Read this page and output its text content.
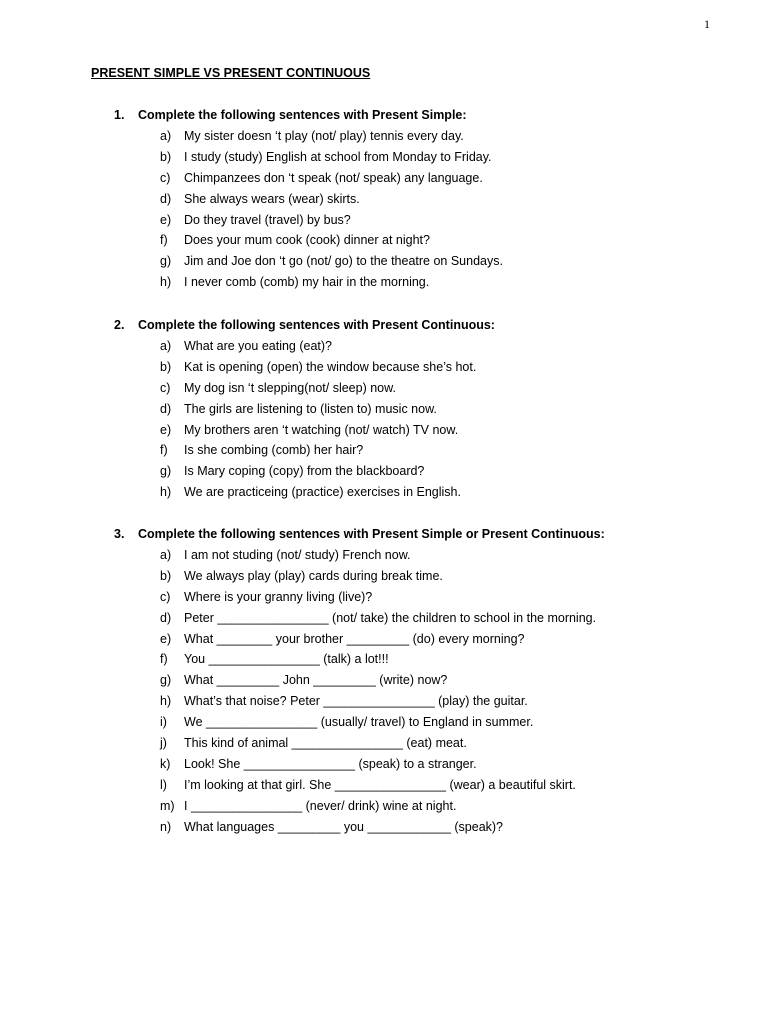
1
PRESENT SIMPLE VS PRESENT CONTINUOUS
1. Complete the following sentences with Present Simple:
a) My sister doesn ‘t play (not/ play) tennis every day.
b) I study (study) English at school from Monday to Friday.
c) Chimpanzees don ‘t speak (not/ speak) any language.
d) She always wears (wear) skirts.
e) Do they travel (travel) by bus?
f) Does your mum cook (cook) dinner at night?
g) Jim and Joe don ‘t go (not/ go) to the theatre on Sundays.
h) I never comb (comb) my hair in the morning.
2. Complete the following sentences with Present Continuous:
a) What are you eating (eat)?
b) Kat is opening (open) the window because she’s hot.
c) My dog isn ‘t slepping(not/ sleep) now.
d) The girls are listening to (listen to) music now.
e) My brothers aren ‘t watching (not/ watch) TV now.
f) Is she combing (comb) her hair?
g) Is Mary coping (copy) from the blackboard?
h) We are practiceing (practice) exercises in English.
3. Complete the following sentences with Present Simple or Present Continuous:
a) I am not studing (not/ study) French now.
b) We always play (play) cards during break time.
c) Where is your granny living (live)?
d) Peter ________________ (not/ take) the children to school in the morning.
e) What ________ your brother _________ (do) every morning?
f) You ________________ (talk) a lot!!!
g) What _________ John _________ (write) now?
h) What’s that noise? Peter ________________ (play) the guitar.
i) We ________________ (usually/ travel) to England in summer.
j) This kind of animal ________________ (eat) meat.
k) Look! She ________________ (speak) to a stranger.
l) I’m looking at that girl. She ________________ (wear) a beautiful skirt.
m) I ________________ (never/ drink) wine at night.
n) What languages _________ you ____________ (speak)?
